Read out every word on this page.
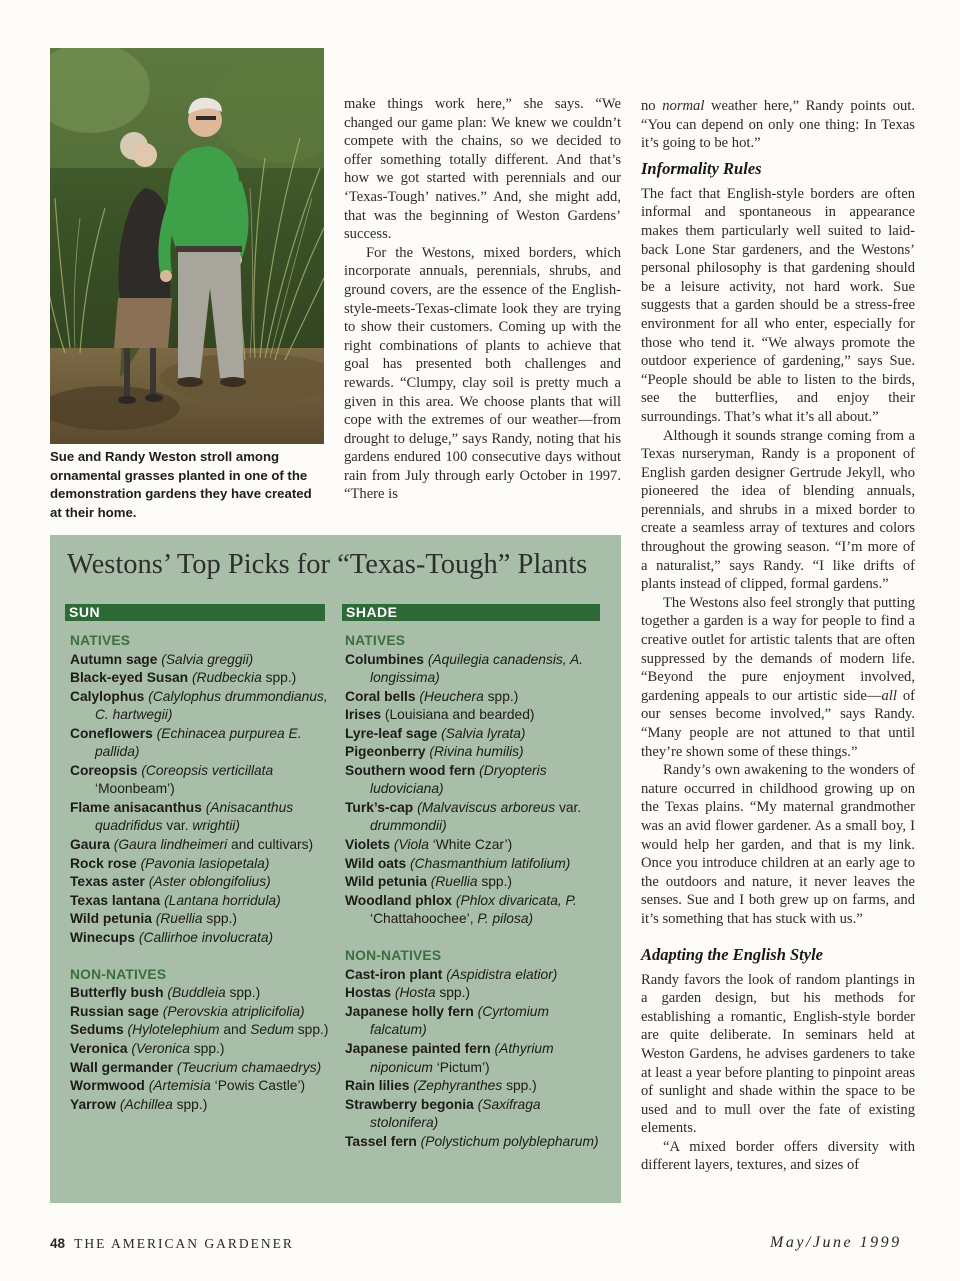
Sue and Randy Weston stroll among ornamental grasses planted in one of the demonstration gardens they have created at their home.

make things work here,” she says. “We changed our game plan: We knew we couldn’t compete with the chains, so we decided to offer something totally different. And that’s how we got started with perennials and our ‘Texas-Tough’ natives.” And, she might add, that was the beginning of Weston Gardens’ success.

For the Westons, mixed borders, which incorporate annuals, perennials, shrubs, and ground covers, are the essence of the English-style-meets-Texas-climate look they are trying to show their customers. Coming up with the right combinations of plants to achieve that goal has presented both challenges and rewards. “Clumpy, clay soil is pretty much a given in this area. We choose plants that will cope with the extremes of our weather—from drought to deluge,” says Randy, noting that his gardens endured 100 consecutive days without rain from July through early October in 1997. “There is

Westons’ Top Picks for “Texas-Tough” Plants
SUN	SHADE
NATIVES
Autumn sage (Salvia greggii)
Black-eyed Susan (Rudbeckia spp.)
Calylophus (Calylophus drummondianus, C. hartwegii)
Coneflowers (Echinacea purpurea E. pallida)
Coreopsis (Coreopsis verticillata ‘Moonbeam’)
Flame anisacanthus (Anisacanthus quadrifidus var. wrightii)
Gaura (Gaura lindheimeri and cultivars)
Rock rose (Pavonia lasiopetala)
Texas aster (Aster oblongifolius)
Texas lantana (Lantana horridula)
Wild petunia (Ruellia spp.)
Winecups (Callirhoe involucrata)
NON-NATIVES
Butterfly bush (Buddleia spp.)
Russian sage (Perovskia atriplicifolia)
Sedums (Hylotelephium and Sedum spp.)
Veronica (Veronica spp.)
Wall germander (Teucrium chamaedrys)
Wormwood (Artemisia ‘Powis Castle’)
Yarrow (Achillea spp.)
NATIVES
Columbines (Aquilegia canadensis, A. longissima)
Coral bells (Heuchera spp.)
Irises (Louisiana and bearded)
Lyre-leaf sage (Salvia lyrata)
Pigeonberry (Rivina humilis)
Southern wood fern (Dryopteris ludoviciana)
Turk’s-cap (Malvaviscus arboreus var. drummondii)
Violets (Viola ‘White Czar’)
Wild oats (Chasmanthium latifolium)
Wild petunia (Ruellia spp.)
Woodland phlox (Phlox divaricata, P. ‘Chattahoochee’, P. pilosa)
NON-NATIVES
Cast-iron plant (Aspidistra elatior)
Hostas (Hosta spp.)
Japanese holly fern (Cyrtomium falcatum)
Japanese painted fern (Athyrium niponicum ‘Pictum’)
Rain lilies (Zephyranthes spp.)
Strawberry begonia (Saxifraga stolonifera)
Tassel fern (Polystichum polyblepharum)

no normal weather here,” Randy points out. “You can depend on only one thing: In Texas it’s going to be hot.”

Informality Rules

The fact that English-style borders are often informal and spontaneous in appearance makes them particularly well suited to laid-back Lone Star gardeners, and the Westons’ personal philosophy is that gardening should be a leisure activity, not hard work. Sue suggests that a garden should be a stress-free environment for all who enter, especially for those who tend it. “We always promote the outdoor experience of gardening,” says Sue. “People should be able to listen to the birds, see the butterflies, and enjoy their surroundings. That’s what it’s all about.”

Although it sounds strange coming from a Texas nurseryman, Randy is a proponent of English garden designer Gertrude Jekyll, who pioneered the idea of blending annuals, perennials, and shrubs in a mixed border to create a seamless array of textures and colors throughout the growing season. “I’m more of a naturalist,” says Randy. “I like drifts of plants instead of clipped, formal gardens.”

The Westons also feel strongly that putting together a garden is a way for people to find a creative outlet for artistic talents that are often suppressed by the demands of modern life. “Beyond the pure enjoyment involved, gardening appeals to our artistic side—all of our senses become involved,” says Randy. “Many people are not attuned to that until they’re shown some of these things.”

Randy’s own awakening to the wonders of nature occurred in childhood growing up on the Texas plains. “My maternal grandmother was an avid flower gardener. As a small boy, I would help her garden, and that is my link. Once you introduce children at an early age to the outdoors and nature, it never leaves the senses. Sue and I both grew up on farms, and it’s something that has stuck with us.”

Adapting the English Style

Randy favors the look of random plantings in a garden design, but his methods for establishing a romantic, English-style border are quite deliberate. In seminars held at Weston Gardens, he advises gardeners to take at least a year before planting to pinpoint areas of sunlight and shade within the space to be used and to mull over the fate of existing elements.

“A mixed border offers diversity with different layers, textures, and sizes of

48 THE AMERICAN GARDENER	May/June 1999
